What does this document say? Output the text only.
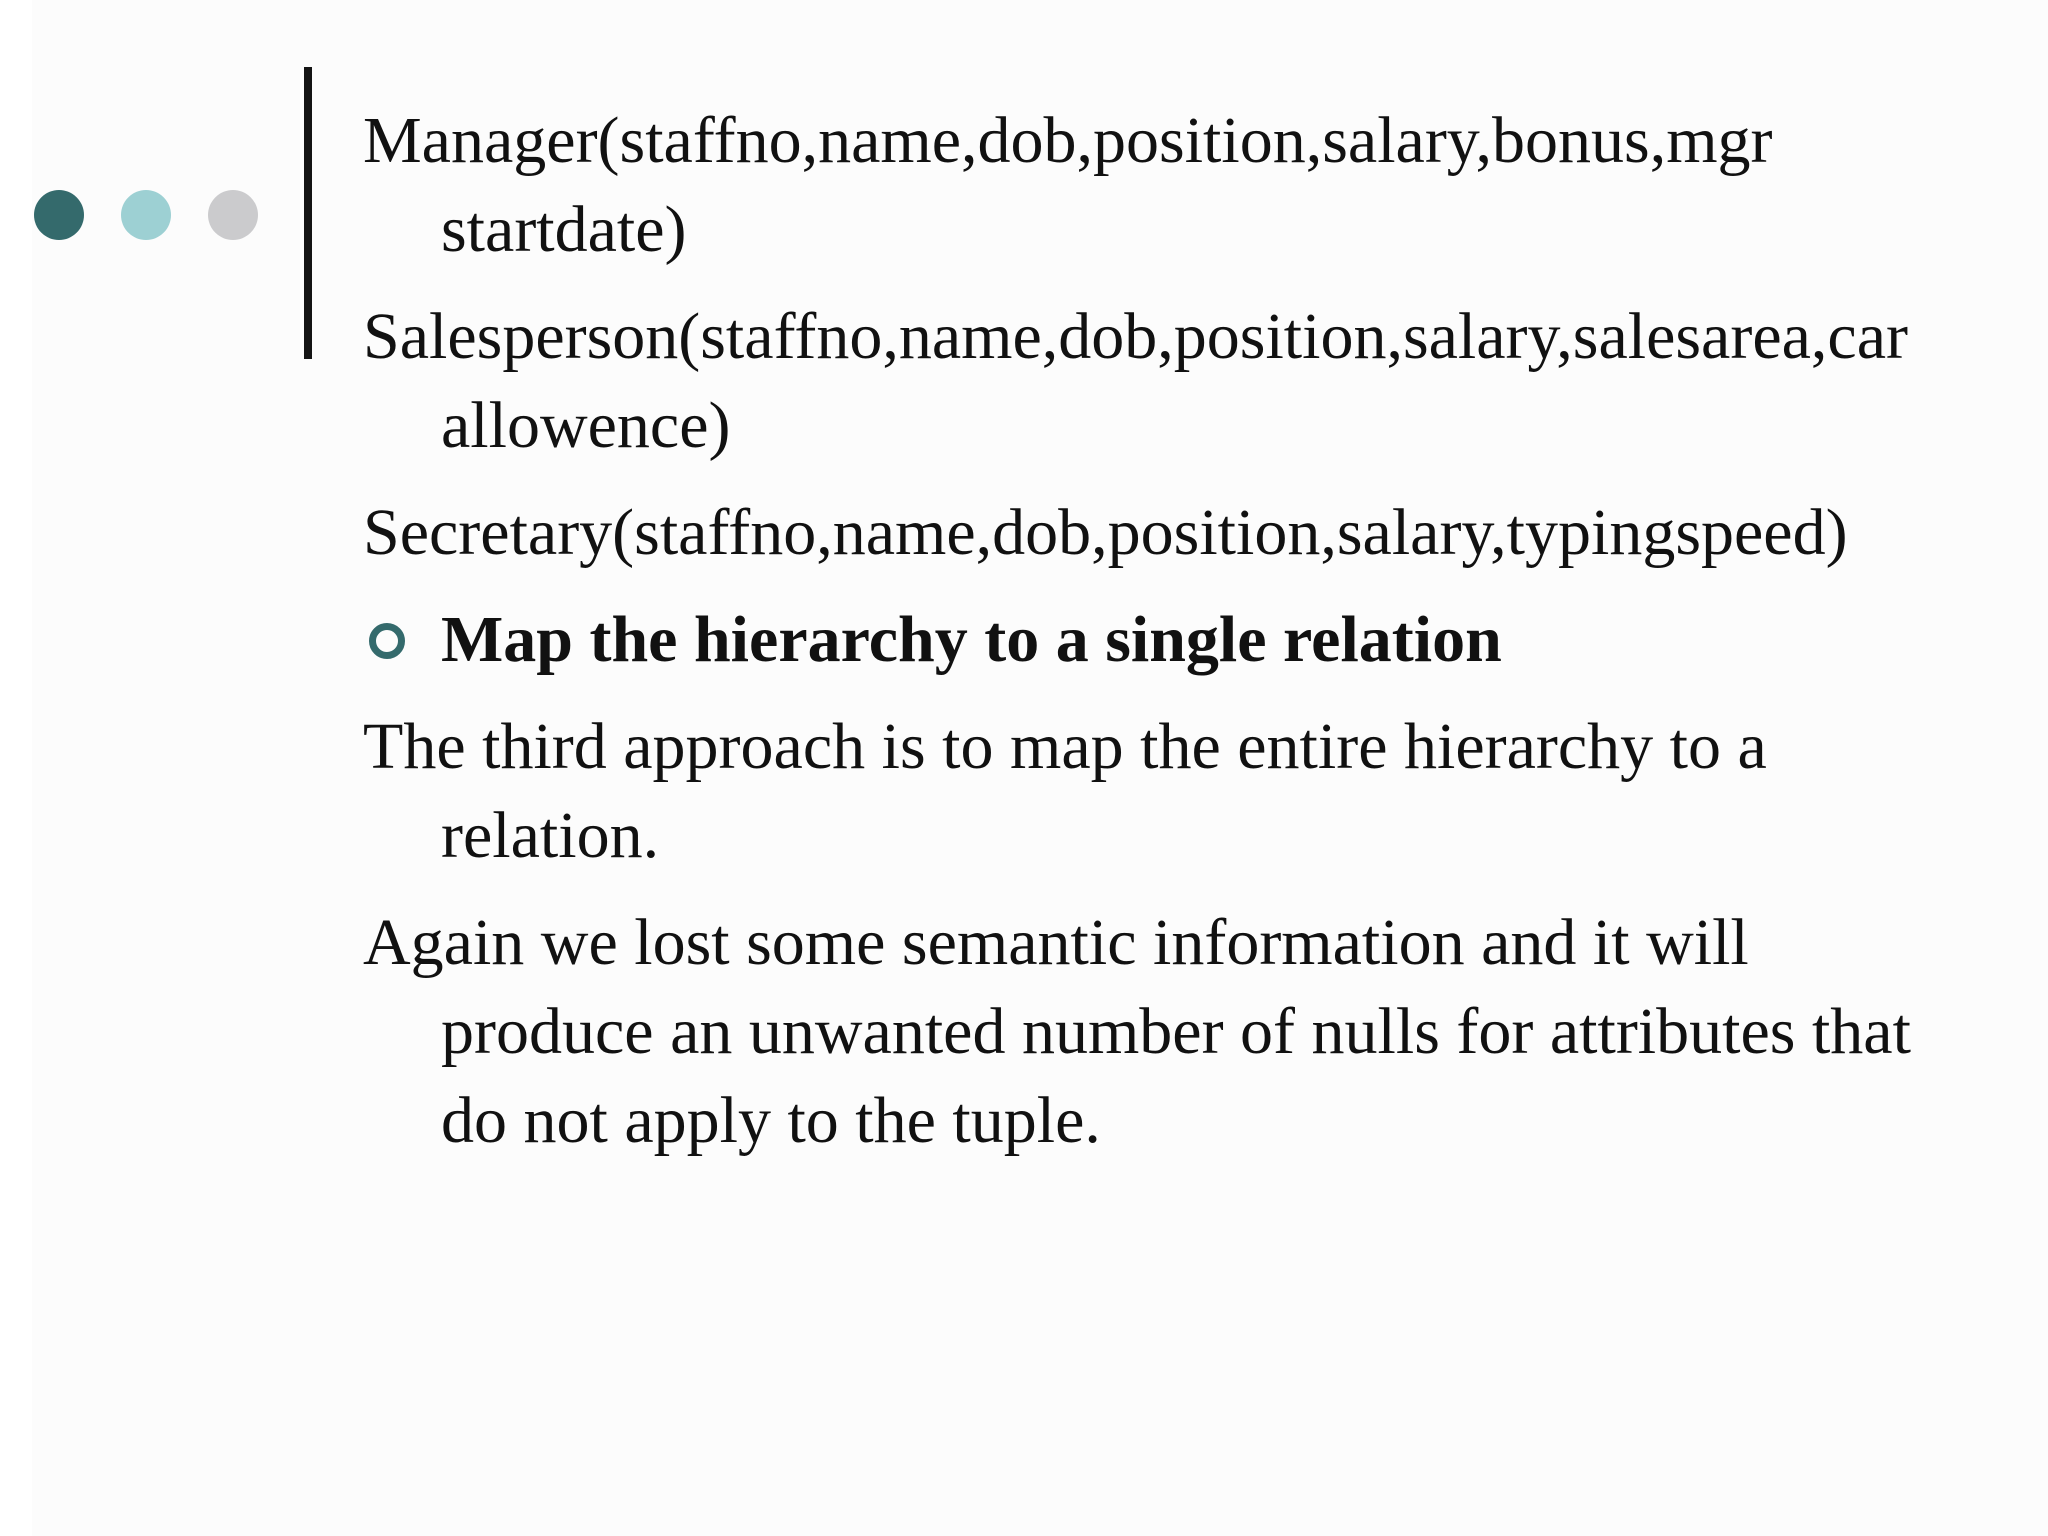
Manager(staffno,name,dob,position,salary,bonus,mgr startdate)

Salesperson(staffno,name,dob,position,salary,salesarea,carallowence)

Secretary(staffno,name,dob,position,salary,typingspeed)

Map the hierarchy to a single relation

The third approach is to map the entire hierarchy to a relation.

Again we lost some semantic information and it will produce an unwanted number of nulls for attributes that do not apply to the tuple.
